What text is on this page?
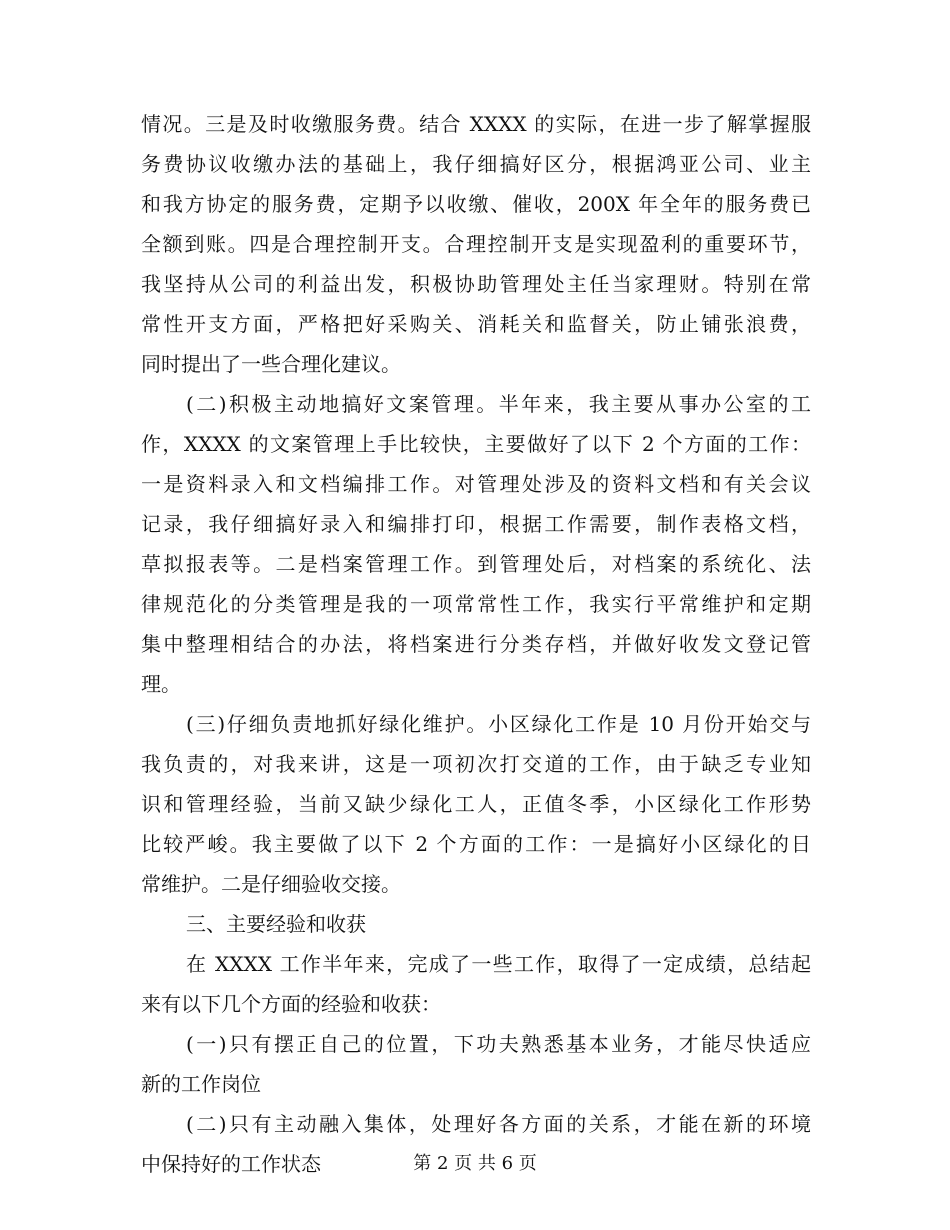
情况。三是及时收缴服务费。结合 XXXX 的实际，在进一步了解掌握服
务费协议收缴办法的基础上，我仔细搞好区分，根据鸿亚公司、业主
和我方协定的服务费，定期予以收缴、催收，200X 年全年的服务费已
全额到账。四是合理控制开支。合理控制开支是实现盈利的重要环节，
我坚持从公司的利益出发，积极协助管理处主任当家理财。特别在常
常性开支方面，严格把好采购关、消耗关和监督关，防止铺张浪费，
同时提出了一些合理化建议。
(二)积极主动地搞好文案管理。半年来，我主要从事办公室的工
作，XXXX 的文案管理上手比较快，主要做好了以下 2 个方面的工作：
一是资料录入和文档编排工作。对管理处涉及的资料文档和有关会议
记录，我仔细搞好录入和编排打印，根据工作需要，制作表格文档，
草拟报表等。二是档案管理工作。到管理处后，对档案的系统化、法
律规范化的分类管理是我的一项常常性工作，我实行平常维护和定期
集中整理相结合的办法，将档案进行分类存档，并做好收发文登记管
理。
(三)仔细负责地抓好绿化维护。小区绿化工作是 10 月份开始交与
我负责的，对我来讲，这是一项初次打交道的工作，由于缺乏专业知
识和管理经验，当前又缺少绿化工人，正值冬季，小区绿化工作形势
比较严峻。我主要做了以下 2 个方面的工作：一是搞好小区绿化的日
常维护。二是仔细验收交接。
三、主要经验和收获
在 XXXX 工作半年来，完成了一些工作，取得了一定成绩，总结起
来有以下几个方面的经验和收获：
(一)只有摆正自己的位置，下功夫熟悉基本业务，才能尽快适应
新的工作岗位
(二)只有主动融入集体，处理好各方面的关系，才能在新的环境
中保持好的工作状态	第 2 页 共 6 页
